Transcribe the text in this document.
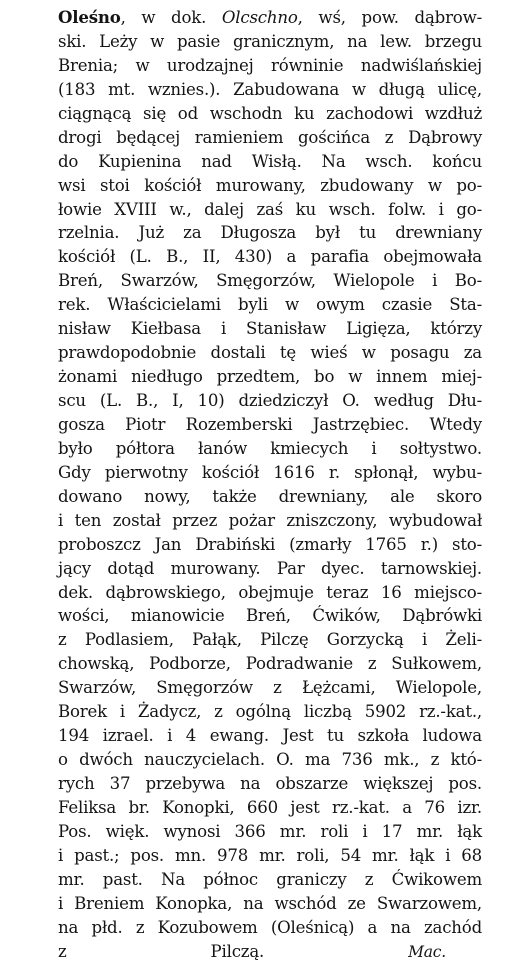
Oleśno, w dok. Olcschno, wś, pow. dąbrow-
ski. Leży w pasie granicznym, na lew. brzegu
Brenia; w urodzajnej równinie nadwiślańskiej
(183 mt. wznies.). Zabudowana w długą ulicę,
ciągnącą się od wschodn ku zachodowi wzdłuż
drogi będącej ramieniem gościńca z Dąbrowy
do Kupienina nad Wisłą. Na wsch. końcu
wsi stoi kościół murowany, zbudowany w po-
łowie XVIII w., dalej zaś ku wsch. folw. i go-
rzelnia. Już za Długosza był tu drewniany
kościół (L. B., II, 430) a parafia obejmowała
Breń, Swarzów, Smęgorzów, Wielopole i Bo-
rek. Właścicielami byli w owym czasie Sta-
nisław Kiełbasa i Stanisław Ligięza, którzy
prawdopodobnie dostali tę wieś w posagu za
żonami niedługo przedtem, bo w innem miej-
scu (L. B., I, 10) dziedziczył O. według Dłu-
gosza Piotr Rozemberski Jastrzębiec. Wtedy
było półtora łanów kmiecych i sołtystwo.
Gdy pierwotny kościół 1616 r. spłonął, wybu-
dowano nowy, także drewniany, ale skoro
i ten został przez pożar zniszczony, wybudował
proboszcz Jan Drabiński (zmarły 1765 r.) sto-
jący dotąd murowany. Par dyec. tarnowskiej.
dek. dąbrowskiego, obejmuje teraz 16 miejsco-
wości, mianowicie Breń, Ćwików, Dąbrówki
z Podlasiem, Pałąk, Pilczę Gorzycką i Żeli-
chowską, Podborze, Podradwanie z Sułkowem,
Swarzów, Smęgorzów z Łężcami, Wielopole,
Borek i Żadycz, z ogólną liczbą 5902 rz.-kat.,
194 izrael. i 4 ewang. Jest tu szkoła ludowa
o dwóch nauczycielach. O. ma 736 mk., z któ-
rych 37 przebywa na obszarze większej pos.
Feliksa br. Konopki, 660 jest rz.-kat. a 76 izr.
Pos. więk. wynosi 366 mr. roli i 17 mr. łąk
i past.; pos. mn. 978 mr. roli, 54 mr. łąk i 68
mr. past. Na północ graniczy z Ćwikowem
i Breniem Konopka, na wschód ze Swarzowem,
na płd. z Kozubowem (Oleśnicą) a na zachód
z Pilczą.	Mac.
